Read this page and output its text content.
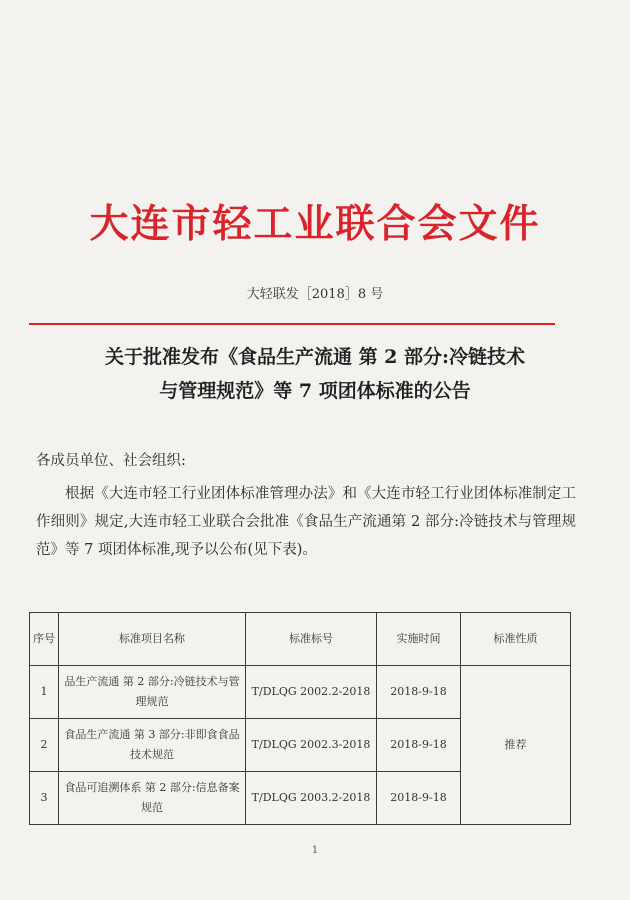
大连市轻工业联合会文件
大轻联发［2018］8 号
关于批准发布《食品生产流通 第 2 部分:冷链技术
与管理规范》等 7 项团体标准的公告
各成员单位、社会组织:
根据《大连市轻工行业团体标准管理办法》和《大连市轻工行业团体标准制定工作细则》规定,大连市轻工业联合会批准《食品生产流通第 2 部分:冷链技术与管理规范》等 7 项团体标准,现予以公布(见下表)。
序号	标准项目名称	标准标号	实施时间	标准性质
1	品生产流通 第 2 部分:冷链技术与管理规范	T/DLQG 2002.2-2018	2018-9-18	推荐
2	食品生产流通 第 3 部分:非即食食品技术规范	T/DLQG 2002.3-2018	2018-9-18	
3	食品可追溯体系 第 2 部分:信息备案规范	T/DLQG 2003.2-2018	2018-9-18	
1
